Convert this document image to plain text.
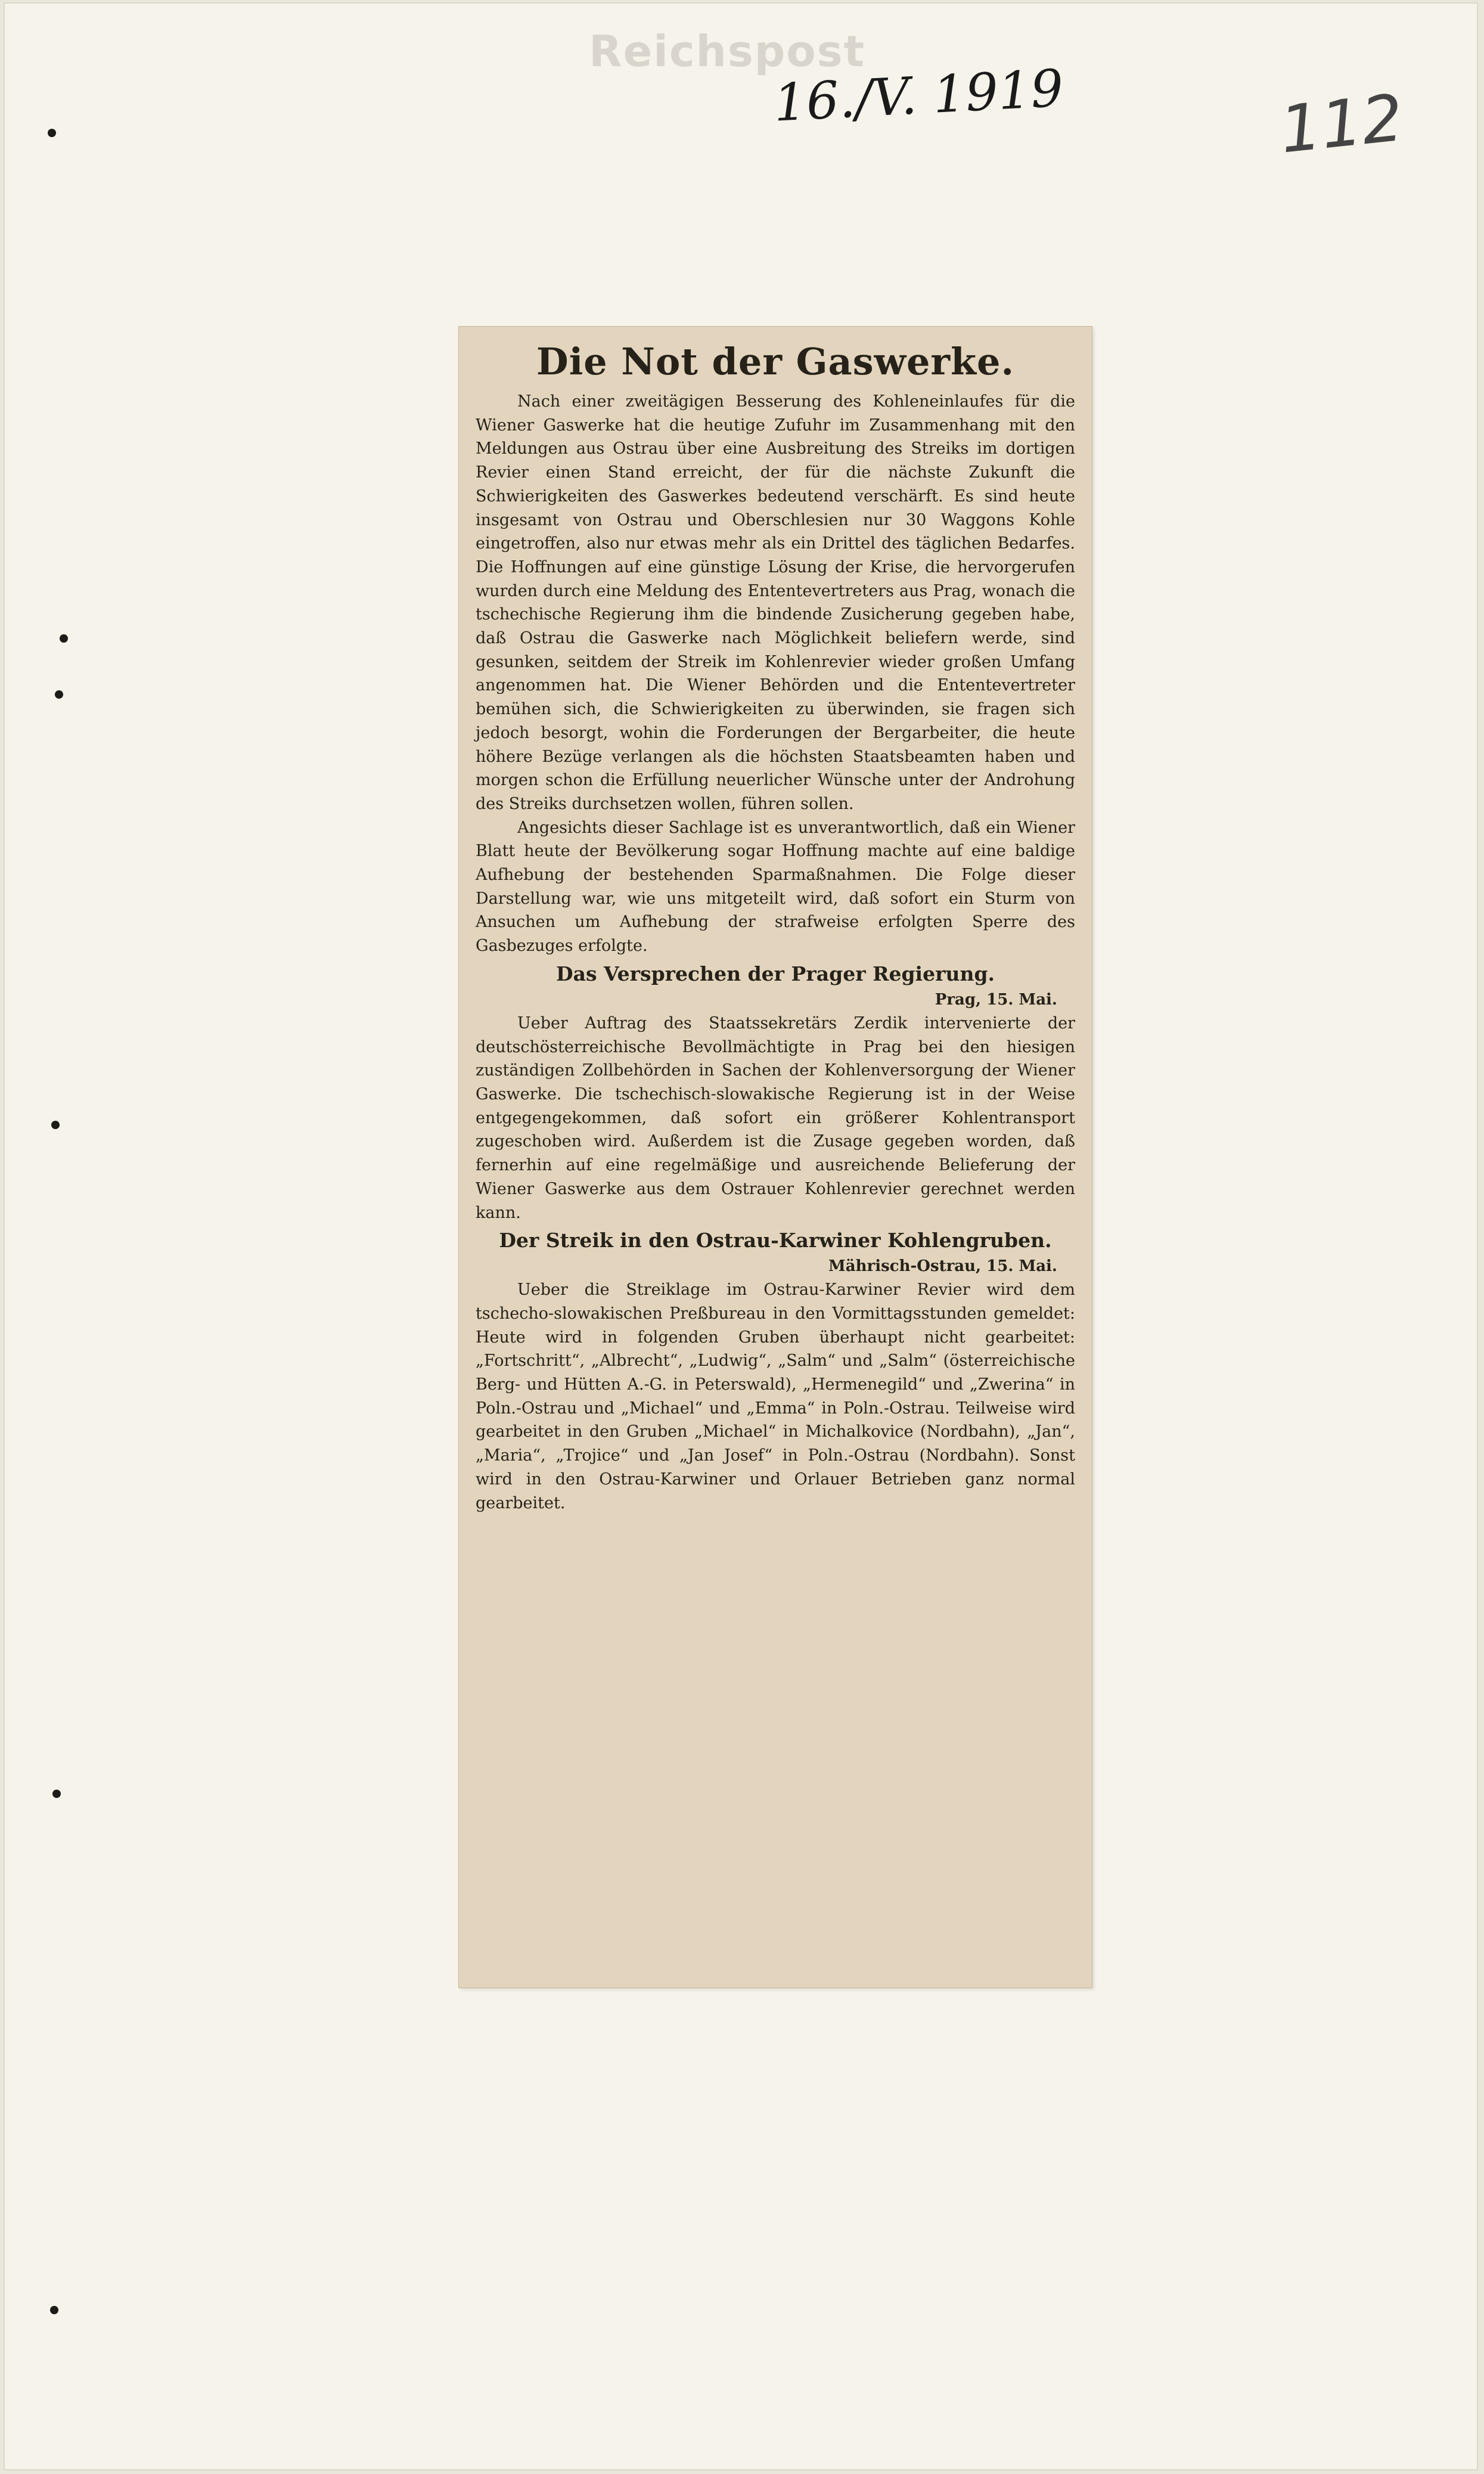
Reichspost
16./V. 1919	112
Die Not der Gaswerke.

Nach einer zweitägigen Besserung des Kohleneinlaufes für die Wiener Gaswerke hat die heutige Zufuhr im Zusammenhang mit den Meldungen aus Ostrau über eine Ausbreitung des Streiks im dortigen Revier einen Stand erreicht, der für die nächste Zukunft die Schwierigkeiten des Gaswerkes bedeutend verschärft. Es sind heute insgesamt von Ostrau und Oberschlesien nur 30 Waggons Kohle eingetroffen, also nur etwas mehr als ein Drittel des täglichen Bedarfes. Die Hoffnungen auf eine günstige Lösung der Krise, die hervorgerufen wurden durch eine Meldung des Ententevertreters aus Prag, wonach die tschechische Regierung ihm die bindende Zusicherung gegeben habe, daß Ostrau die Gaswerke nach Möglichkeit beliefern werde, sind gesunken, seitdem der Streik im Kohlenrevier wieder großen Umfang angenommen hat. Die Wiener Behörden und die Ententevertreter bemühen sich, die Schwierigkeiten zu überwinden, sie fragen sich jedoch besorgt, wohin die Forderungen der Bergarbeiter, die heute höhere Bezüge verlangen als die höchsten Staatsbeamten haben und morgen schon die Erfüllung neuerlicher Wünsche unter der Androhung des Streiks durchsetzen wollen, führen sollen.

Angesichts dieser Sachlage ist es unverantwortlich, daß ein Wiener Blatt heute der Bevölkerung sogar Hoffnung machte auf eine baldige Aufhebung der bestehenden Sparmaßnahmen. Die Folge dieser Darstellung war, wie uns mitgeteilt wird, daß sofort ein Sturm von Ansuchen um Aufhebung der strafweise erfolgten Sperre des Gasbezuges erfolgte.

Das Versprechen der Prager Regierung.
Prag, 15. Mai.

Ueber Auftrag des Staatssekretärs Zerdik intervenierte der deutschösterreichische Bevollmächtigte in Prag bei den hiesigen zuständigen Zollbehörden in Sachen der Kohlenversorgung der Wiener Gaswerke. Die tschechisch-slowakische Regierung ist in der Weise entgegengekommen, daß sofort ein größerer Kohlentransport zugeschoben wird. Außerdem ist die Zusage gegeben worden, daß fernerhin auf eine regelmäßige und ausreichende Belieferung der Wiener Gaswerke aus dem Ostrauer Kohlenrevier gerechnet werden kann.

Der Streik in den Ostrau-Karwiner Kohlengruben.
Mährisch-Ostrau, 15. Mai.

Ueber die Streiklage im Ostrau-Karwiner Revier wird dem tschecho-slowakischen Preßbureau in den Vormittagsstunden gemeldet: Heute wird in folgenden Gruben überhaupt nicht gearbeitet: „Fortschritt“, „Albrecht“, „Ludwig“, „Salm“ und „Salm“ (österreichische Berg- und Hütten A.-G. in Peterswald), „Hermenegild“ und „Zwerina“ in Poln.-Ostrau und „Michael“ und „Emma“ in Poln.-Ostrau. Teilweise wird gearbeitet in den Gruben „Michael“ in Michalkovice (Nordbahn), „Jan“, „Maria“, „Trojice“ und „Jan Josef“ in Poln.-Ostrau (Nordbahn). Sonst wird in den Ostrau-Karwiner und Orlauer Betrieben ganz normal gearbeitet.
